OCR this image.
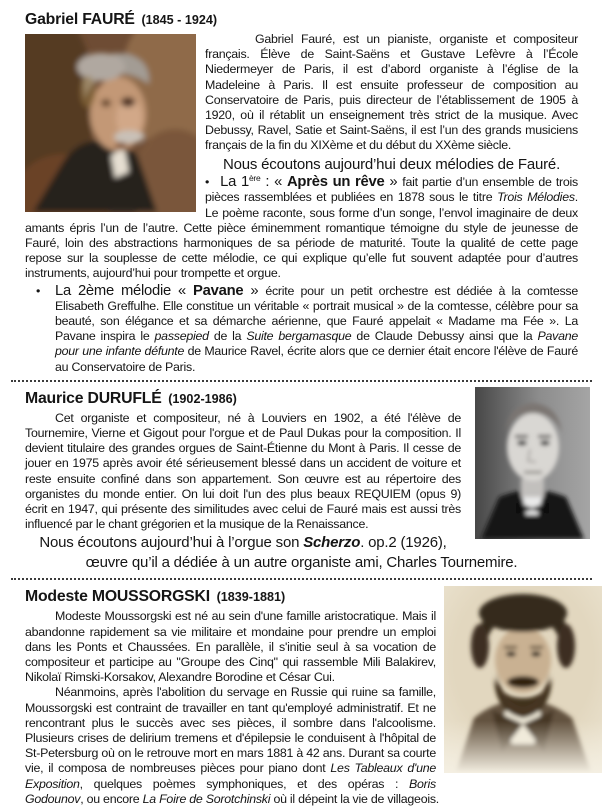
Gabriel FAURÉ (1845 - 1924)

Gabriel Fauré, est un pianiste, organiste et compositeur français. Élève de Saint-Saëns et Gustave Lefèvre à l’École Niedermeyer de Paris, il est d’abord organiste à l’église de la Madeleine à Paris. Il est ensuite professeur de composition au Conservatoire de Paris, puis directeur de l’établissement de 1905 à 1920, où il rétablit un enseignement très strict de la musique. Avec Debussy, Ravel, Satie et Saint-Saëns, il est l’un des grands musiciens français de la fin du XIXème et du début du XXème siècle.

Nous écoutons aujourd’hui deux mélodies de Fauré.

• La 1ère : « Après un rêve » fait partie d’un ensemble de trois pièces rassemblées et publiées en 1878 sous le titre Trois Mélodies. Le poème raconte, sous forme d’un songe, l’envol imaginaire de deux amants épris l’un de l’autre. Cette pièce éminemment romantique témoigne du style de jeunesse de Fauré, loin des abstractions harmoniques de sa période de maturité. Toute la qualité de cette page repose sur la souplesse de cette mélodie, ce qui explique qu’elle fut souvent adaptée pour d’autres instruments, aujourd’hui pour trompette et orgue.

• La 2ème mélodie « Pavane » écrite pour un petit orchestre est dédiée à la comtesse Elisabeth Greffulhe. Elle constitue un véritable « portrait musical » de la comtesse, célèbre pour sa beauté, son élégance et sa démarche aérienne, que Fauré appelait « Madame ma Fée ». La Pavane inspira le passepied de la Suite bergamasque de Claude Debussy ainsi que la Pavane pour une infante défunte de Maurice Ravel, écrite alors que ce dernier était encore l'élève de Fauré au Conservatoire de Paris.

Maurice DURUFLÉ (1902-1986)

Cet organiste et compositeur, né à Louviers en 1902, a été l'élève de Tournemire, Vierne et Gigout pour l'orgue et de Paul Dukas pour la composition. Il devient titulaire des grandes orgues de Saint-Étienne du Mont à Paris. Il cesse de jouer en 1975 après avoir été sérieusement blessé dans un accident de voiture et reste ensuite confiné dans son appartement. Son œuvre est au répertoire des organistes du monde entier. On lui doit l'un des plus beaux REQUIEM (opus 9) écrit en 1947, qui présente des similitudes avec celui de Fauré mais est aussi très influencé par le chant grégorien et la musique de la Renaissance.

Nous écoutons aujourd’hui à l’orgue son Scherzo. op.2 (1926),

œuvre qu’il a dédiée à un autre organiste ami, Charles Tournemire.

Modeste MOUSSORGSKI (1839-1881)

Modeste Moussorgski est né au sein d'une famille aristocratique. Mais il abandonne rapidement sa vie militaire et mondaine pour prendre un emploi dans les Ponts et Chaussées. En parallèle, il s'initie seul à sa vocation de compositeur et participe au "Groupe des Cinq" qui rassemble Mili Balakirev, Nikolaï Rimski-Korsakov, Alexandre Borodine et César Cui.

Néanmoins, après l'abolition du servage en Russie qui ruine sa famille, Moussorgski est contraint de travailler en tant qu'employé administratif. Et ne rencontrant plus le succès avec ses pièces, il sombre dans l'alcoolisme. Plusieurs crises de delirium tremens et d'épilepsie le conduisent à l'hôpital de St-Petersburg où on le retrouve mort en mars 1881 à 42 ans. Durant sa courte vie, il composa de nombreuses pièces pour piano dont Les Tableaux d'une Exposition, quelques poèmes symphoniques, et des opéras : Boris Godounov, ou encore La Foire de Sorotchinski où il dépeint la vie de villageois.
